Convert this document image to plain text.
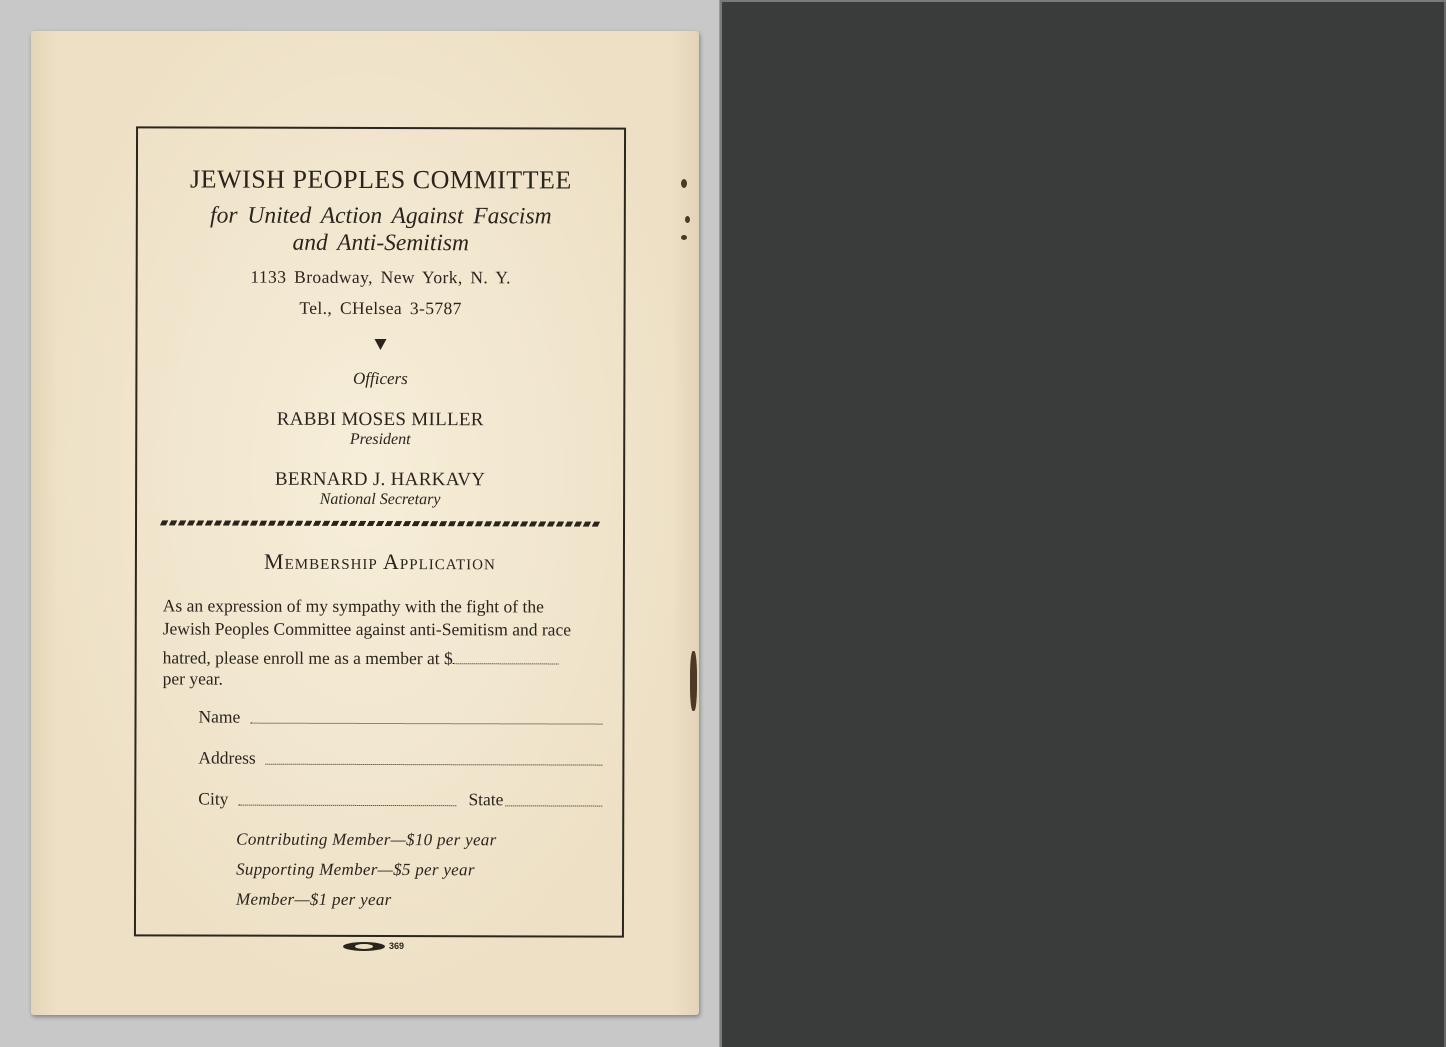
JEWISH PEOPLES COMMITTEE
for United Action Against Fascism
and Anti-Semitism
1133 Broadway, New York, N. Y.
Tel., CHelsea 3-5787
Officers
RABBI MOSES MILLER
President
BERNARD J. HARKAVY
National Secretary
Membership Application
As an expression of my sympathy with the fight of the
Jewish Peoples Committee against anti-Semitism and race
hatred, please enroll me as a member at $
per year.
Name
Address
City	State
Contributing Member—$10 per year
Supporting Member—$5 per year
Member—$1 per year
369
